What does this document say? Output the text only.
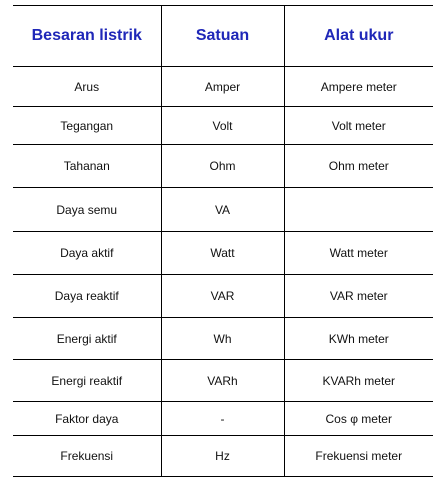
Besaran listrik	Satuan	Alat ukur
Arus	Amper	Ampere meter
Tegangan	Volt	Volt meter
Tahanan	Ohm	Ohm meter
Daya semu	VA	
Daya aktif	Watt	Watt meter
Daya reaktif	VAR	VAR meter
Energi aktif	Wh	KWh meter
Energi reaktif	VARh	KVARh meter
Faktor daya	-	Cos φ meter
Frekuensi	Hz	Frekuensi meter
